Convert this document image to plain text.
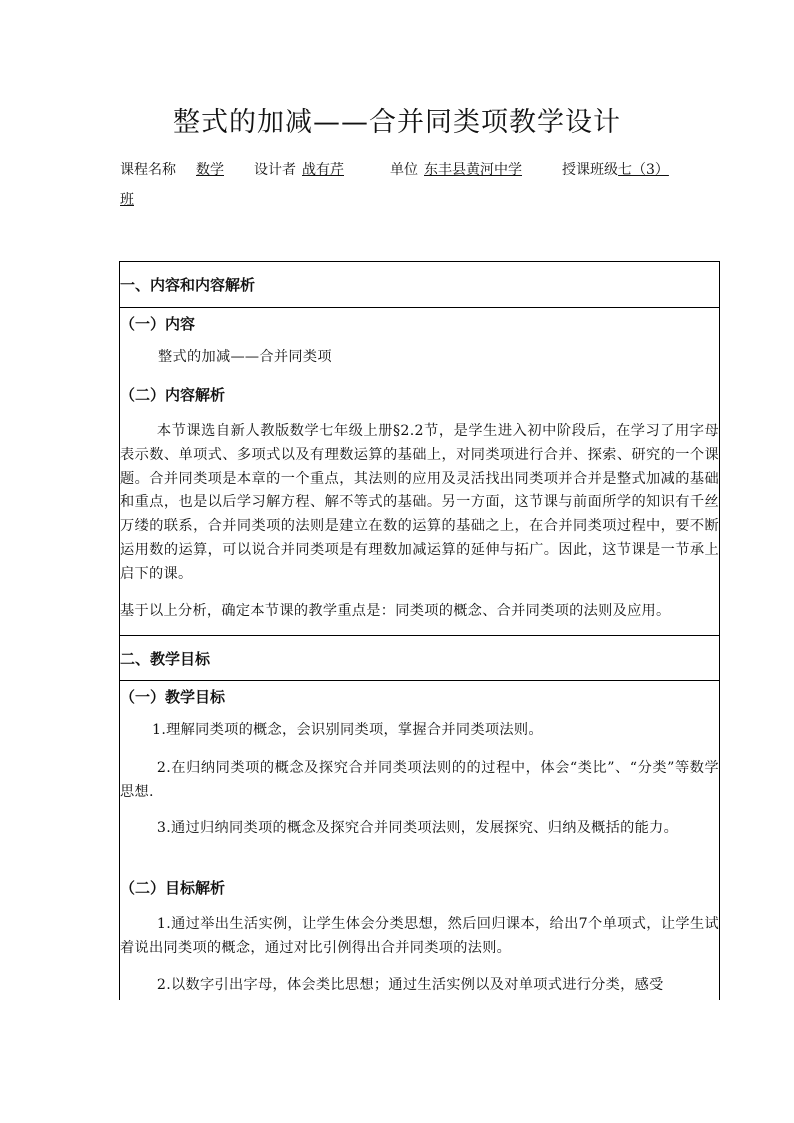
整式的加减——合并同类项教学设计
课程名称 数学 设计者 战有芹	单位 东丰县黄河中学	授课班级七（3）
班
一、内容和内容解析
（一）内容
整式的加减——合并同类项
（二）内容解析
本节课选自新人教版数学七年级上册§2.2节，是学生进入初中阶段后，在学习了用字母表示数、单项式、多项式以及有理数运算的基础上，对同类项进行合并、探索、研究的一个课题。合并同类项是本章的一个重点，其法则的应用及灵活找出同类项并合并是整式加减的基础和重点，也是以后学习解方程、解不等式的基础。另一方面，这节课与前面所学的知识有千丝万缕的联系，合并同类项的法则是建立在数的运算的基础之上，在合并同类项过程中，要不断运用数的运算，可以说合并同类项是有理数加减运算的延伸与拓广。因此，这节课是一节承上启下的课。
基于以上分析，确定本节课的教学重点是：同类项的概念、合并同类项的法则及应用。
二、教学目标
（一）教学目标
1.理解同类项的概念，会识别同类项，掌握合并同类项法则。
2.在归纳同类项的概念及探究合并同类项法则的的过程中，体会“类比”、“分类”等数学思想.
3.通过归纳同类项的概念及探究合并同类项法则，发展探究、归纳及概括的能力。
（二）目标解析
1.通过举出生活实例，让学生体会分类思想，然后回归课本，给出7个单项式，让学生试着说出同类项的概念，通过对比引例得出合并同类项的法则。
2.以数字引出字母，体会类比思想；通过生活实例以及对单项式进行分类，感受
